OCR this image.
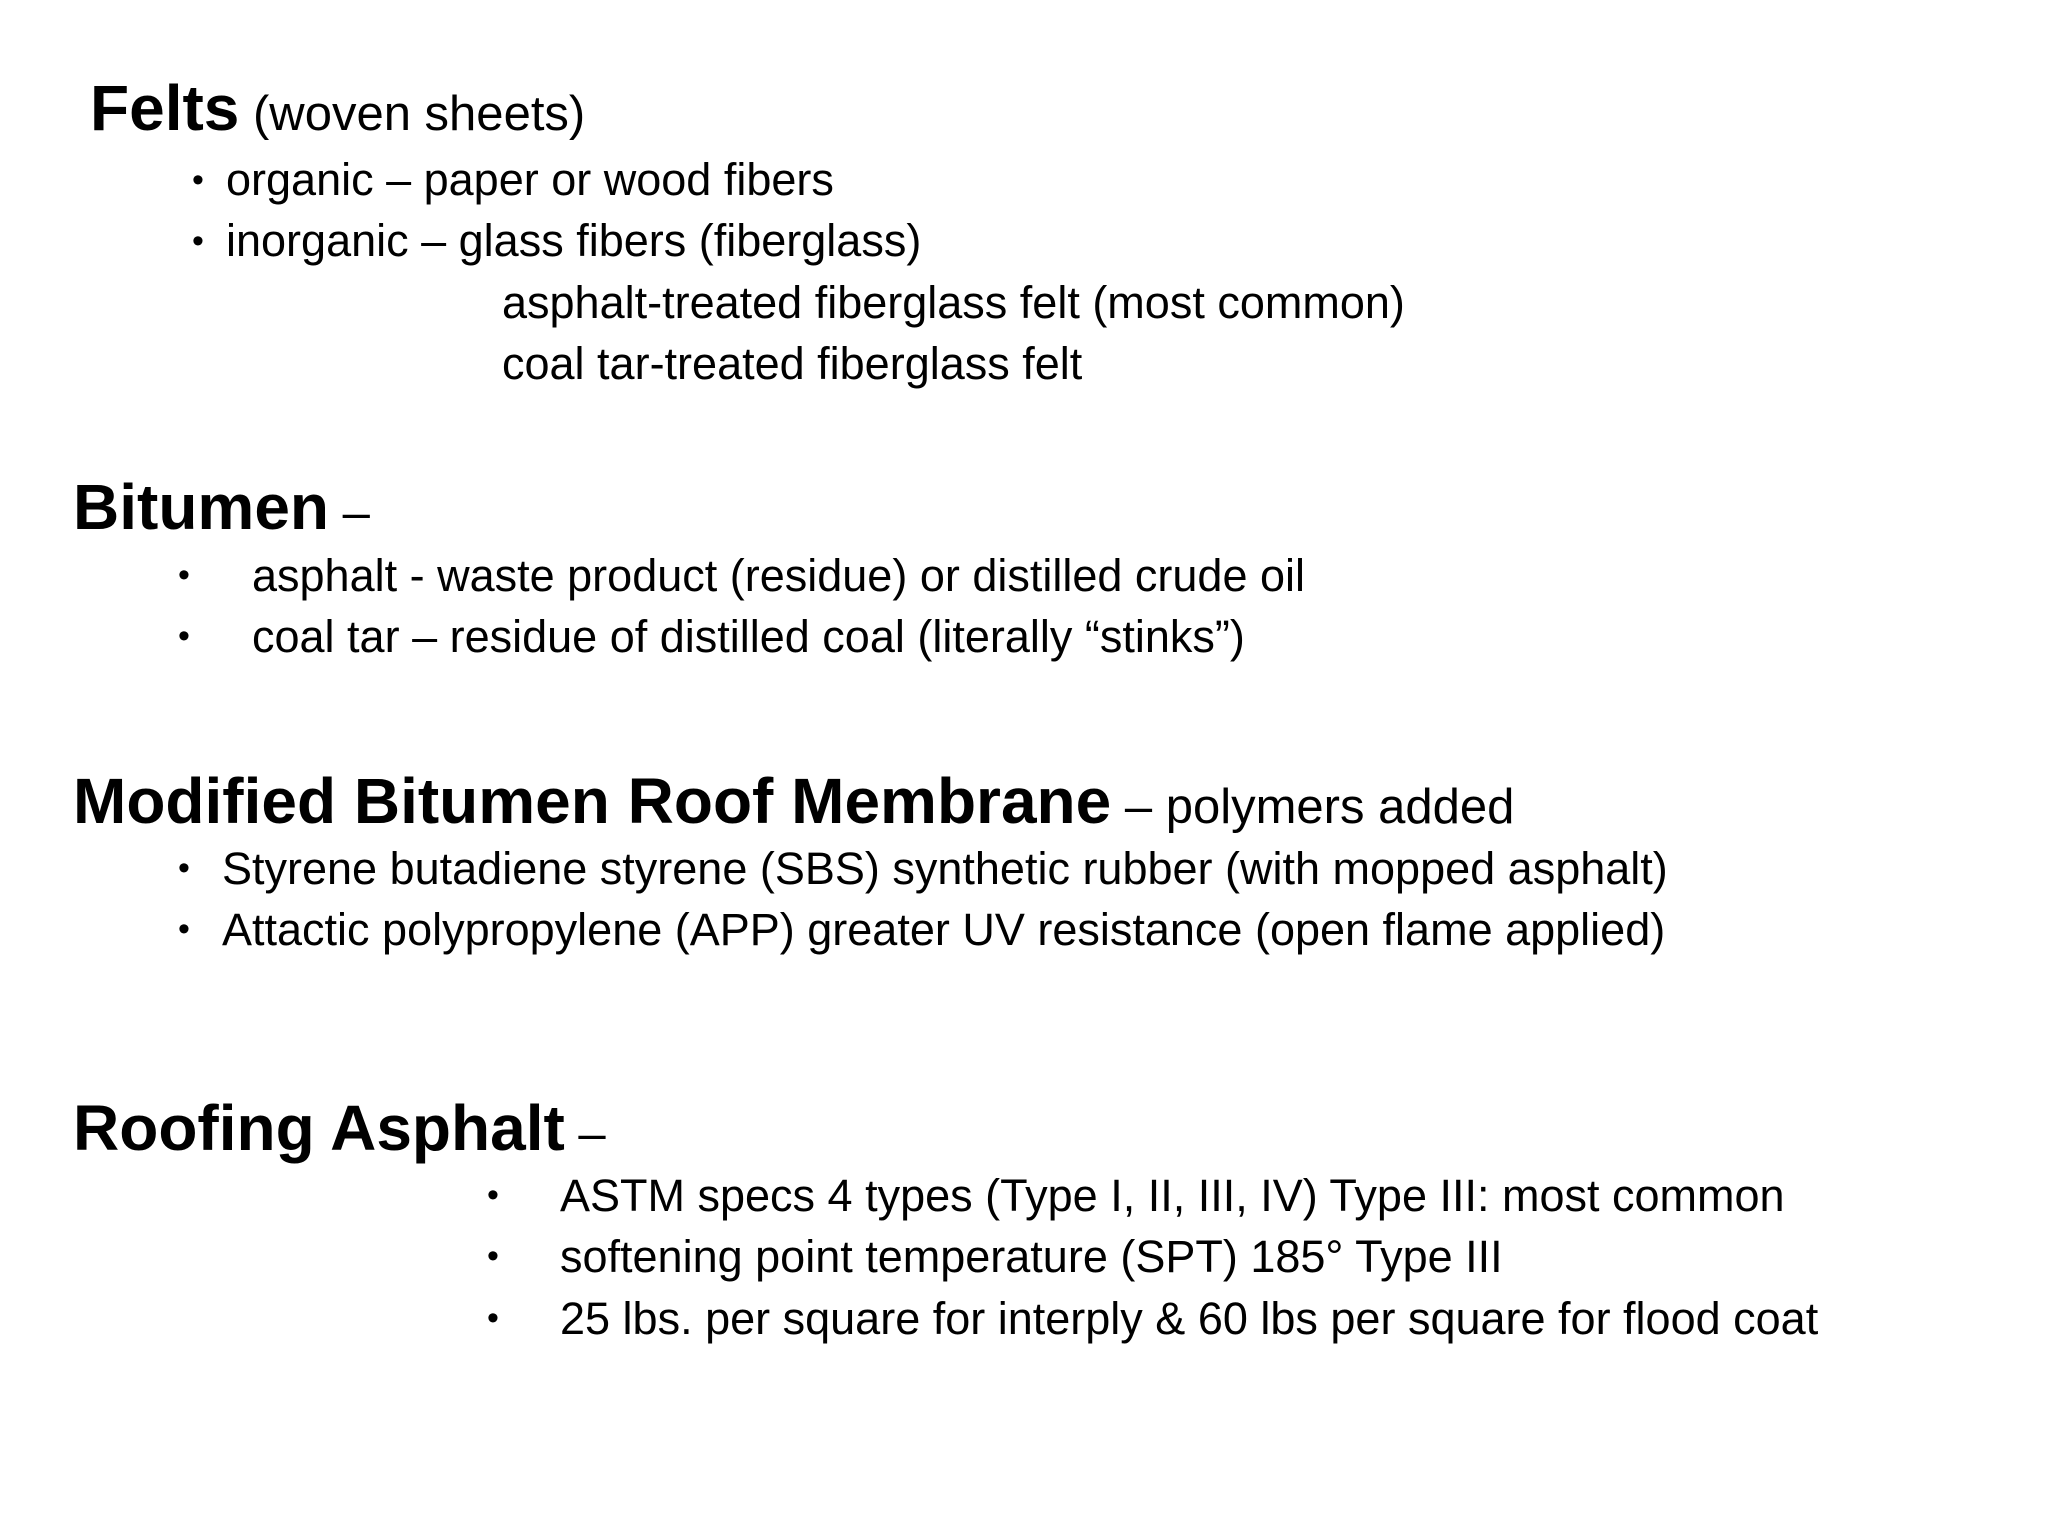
Felts (woven sheets)
• organic – paper or wood fibers
• inorganic – glass fibers (fiberglass)
asphalt-treated fiberglass felt (most common)
coal tar-treated fiberglass felt
Bitumen –
• asphalt - waste product (residue) or distilled crude oil
• coal tar – residue of distilled coal (literally “stinks”)
Modified Bitumen Roof Membrane – polymers added
• Styrene butadiene styrene (SBS) synthetic rubber (with mopped asphalt)
• Attactic polypropylene (APP) greater UV resistance (open flame applied)
Roofing Asphalt –
• ASTM specs 4 types (Type I, II, III, IV) Type III: most common
• softening point temperature (SPT) 185° Type III
• 25 lbs. per square for interply & 60 lbs per square for flood coat
